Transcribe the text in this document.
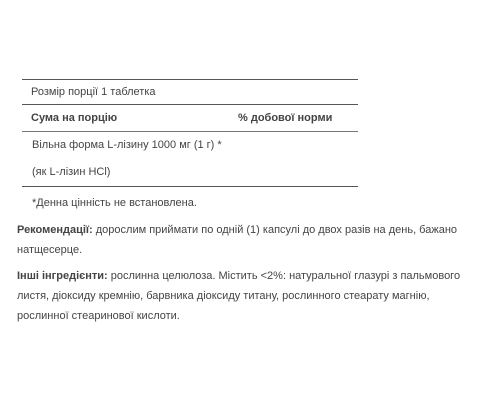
Розмір порції 1 таблетка
Сума на порцію	% добової норми
Вільна форма L-лізину 1000 мг (1 г) *
(як L-лізин HCl)
*Денна цінність не встановлена.
Рекомендації: дорослим приймати по одній (1) капсулі до двох разів на день, бажано натщесерце.
Інші інгредієнти: рослинна целюлоза. Містить <2%: натуральної глазурі з пальмового листя, діоксиду кремнію, барвника діоксиду титану, рослинного стеарату магнію, рослинної стеаринової кислоти.
